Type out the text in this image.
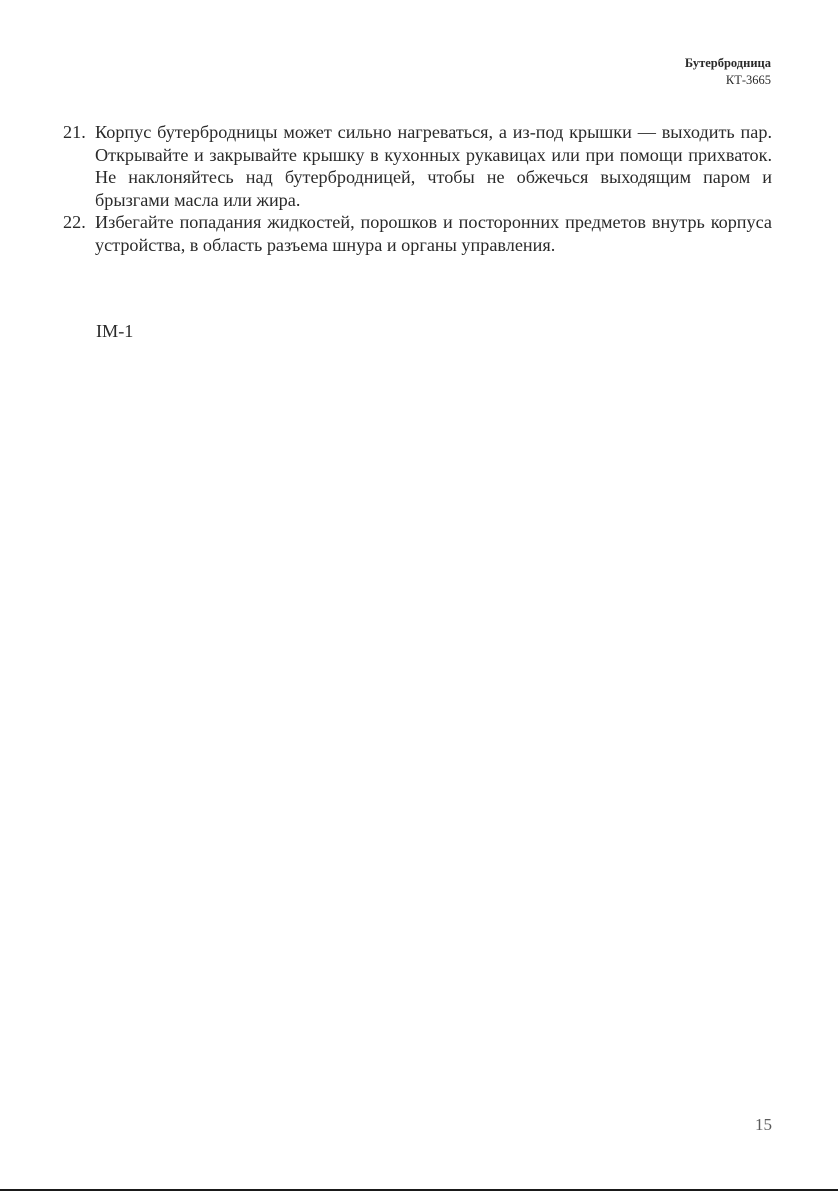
Бутербродница
КТ-3665
21. Корпус бутербродницы может сильно нагреваться, а из-под крышки — выходить пар. Открывайте и закрывайте крышку в кухонных рукавицах или при помощи прихваток. Не наклоняйтесь над бутербродницей, чтобы не обжечься выходящим паром и брызгами масла или жира.
22. Избегайте попадания жидкостей, порошков и посторонних предметов внутрь корпуса устройства, в область разъема шнура и органы управления.
IM-1
15
